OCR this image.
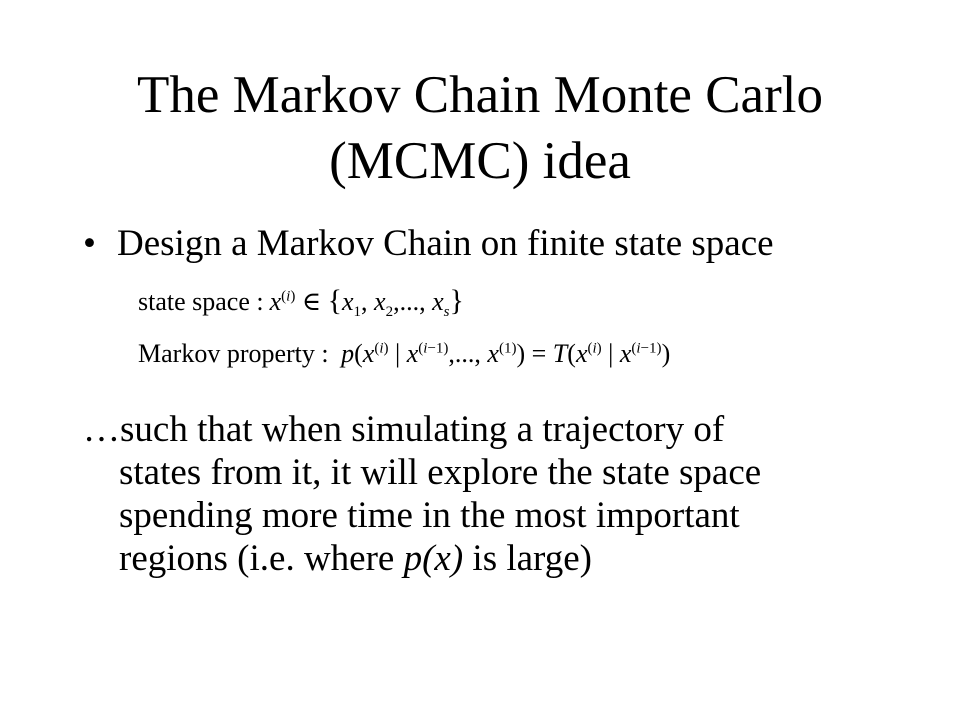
The Markov Chain Monte Carlo
(MCMC) idea
• Design a Markov Chain on finite state space
state space : $x^{(i)}$ ∈ {$x_1$, $x_2$,..., $x_s$}
Markov property : $p(x^{(i)}$ | $x^{(i-1)}$,..., $x^{(1)}) = T(x^{(i)}$ | $x^{(i-1)}$)
…such that when simulating a trajectory of
states from it, it will explore the state space
spending more time in the most important
regions (i.e. where p(x) is large)
